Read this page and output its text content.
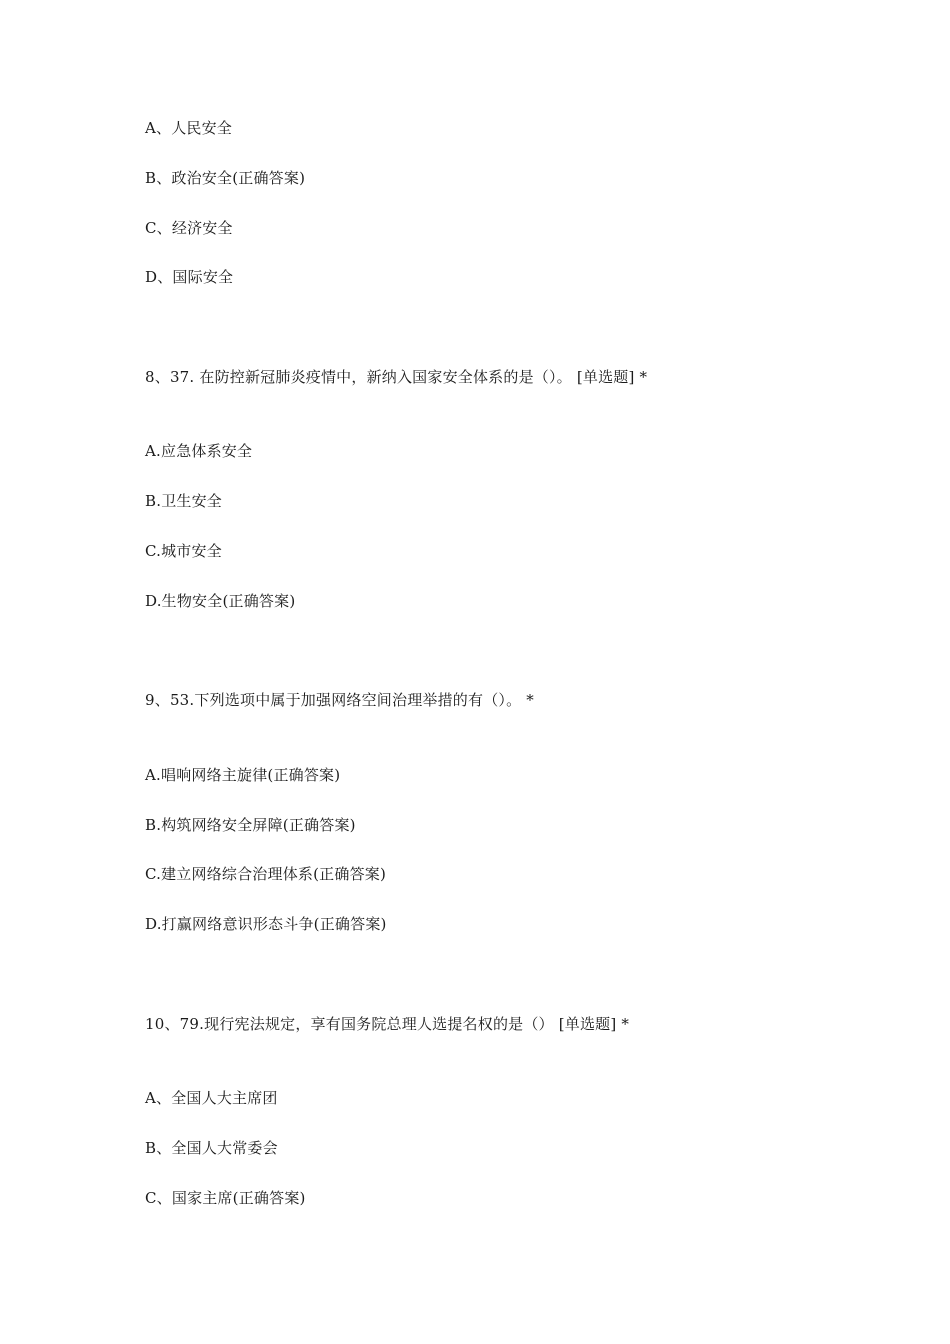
A、人民安全
B、政治安全(正确答案)
C、经济安全
D、国际安全
8、37. 在防控新冠肺炎疫情中，新纳入国家安全体系的是（）。 [单选题] *
A.应急体系安全
B.卫生安全
C.城市安全
D.生物安全(正确答案)
9、53.下列选项中属于加强网络空间治理举措的有（）。 *
A.唱响网络主旋律(正确答案)
B.构筑网络安全屏障(正确答案)
C.建立网络综合治理体系(正确答案)
D.打赢网络意识形态斗争(正确答案)
10、79.现行宪法规定，享有国务院总理人选提名权的是（） [单选题] *
A、全国人大主席团
B、全国人大常委会
C、国家主席(正确答案)
